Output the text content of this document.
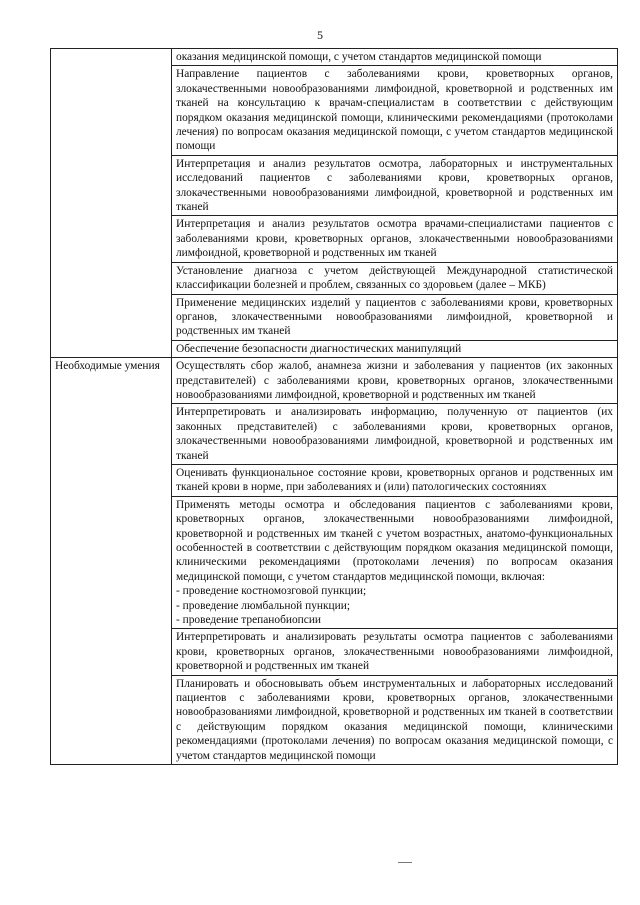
5

	оказания медицинской помощи, с учетом стандартов медицинской помощи

	Направление пациентов с заболеваниями крови, кроветворных органов, злокачественными новообразованиями лимфоидной, кроветворной и родственных им тканей на консультацию к врачам-специалистам в соответствии с действующим порядком оказания медицинской помощи, клиническими рекомендациями (протоколами лечения) по вопросам оказания медицинской помощи, с учетом стандартов медицинской помощи

	Интерпретация и анализ результатов осмотра, лабораторных и инструментальных исследований пациентов с заболеваниями крови, кроветворных органов, злокачественными новообразованиями лимфоидной, кроветворной и родственных им тканей

	Интерпретация и анализ результатов осмотра врачами-специалистами пациентов с заболеваниями крови, кроветворных органов, злокачественными новообразованиями лимфоидной, кроветворной и родственных им тканей

	Установление диагноза с учетом действующей Международной статистической классификации болезней и проблем, связанных со здоровьем (далее – МКБ)

	Применение медицинских изделий у пациентов с заболеваниями крови, кроветворных органов, злокачественными новообразованиями лимфоидной, кроветворной и родственных им тканей

	Обеспечение безопасности диагностических манипуляций

Необходимые умения	Осуществлять сбор жалоб, анамнеза жизни и заболевания у пациентов (их законных представителей) с заболеваниями крови, кроветворных органов, злокачественными новообразованиями лимфоидной, кроветворной и родственных им тканей

	Интерпретировать и анализировать информацию, полученную от пациентов (их законных представителей) с заболеваниями крови, кроветворных органов, злокачественными новообразованиями лимфоидной, кроветворной и родственных им тканей

	Оценивать функциональное состояние крови, кроветворных органов и родственных им тканей крови в норме, при заболеваниях и (или) патологических состояниях

	Применять методы осмотра и обследования пациентов с заболеваниями крови, кроветворных органов, злокачественными новообразованиями лимфоидной, кроветворной и родственных им тканей с учетом возрастных, анатомо-функциональных особенностей в соответствии с действующим порядком оказания медицинской помощи, клиническими рекомендациями (протоколами лечения) по вопросам оказания медицинской помощи, с учетом стандартов медицинской помощи, включая:
- проведение костномозговой пункции;
- проведение люмбальной пункции;
- проведение трепанобиопсии

	Интерпретировать и анализировать результаты осмотра пациентов с заболеваниями крови, кроветворных органов, злокачественными новообразованиями лимфоидной, кроветворной и родственных им тканей

	Планировать и обосновывать объем инструментальных и лабораторных исследований пациентов с заболеваниями крови, кроветворных органов, злокачественными новообразованиями лимфоидной, кроветворной и родственных им тканей в соответствии с действующим порядком оказания медицинской помощи, клиническими рекомендациями (протоколами лечения) по вопросам оказания медицинской помощи, с учетом стандартов медицинской помощи
